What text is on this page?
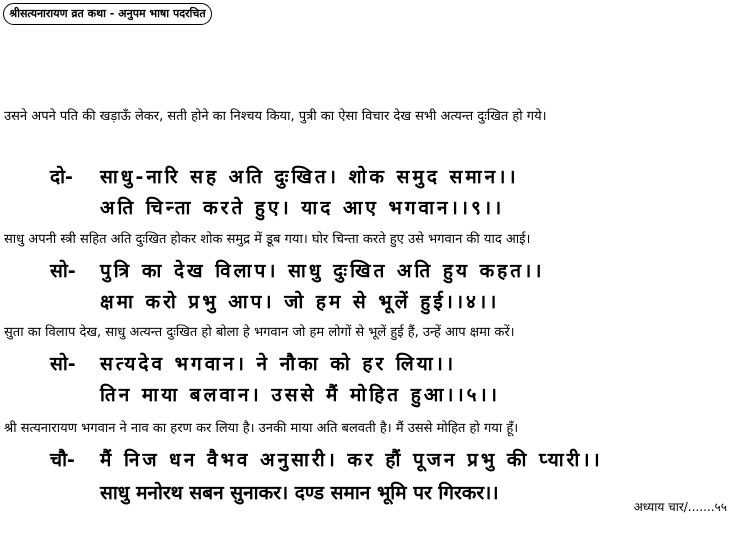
श्रीसत्यनारायण व्रत कथा - अनुपम भाषा पदरचित
उसने अपने पति की खड़ाऊँ लेकर, सती होने का निश्चय किया, पुत्री का ऐसा विचार देख सभी अत्यन्त दुःखित हो गये।
दो-	साधु-नारि सह अति दुःखित। शोक समुद समान।।
अति चिन्ता करते हुए। याद आए भगवान।।९।।
साधु अपनी स्त्री सहित अति दुःखित होकर शोक समुद्र में डूब गया। घोर चिन्ता करते हुए उसे भगवान की याद आई।
सो-	पुत्रि का देख विलाप। साधु दुःखित अति हुय कहत।।
क्षमा करो प्रभु आप। जो हम से भूलें हुई।।४।।
सुता का विलाप देख, साधु अत्यन्त दुःखित हो बोला हे भगवान जो हम लोगों से भूलें हुई हैं, उन्हें आप क्षमा करें।
सो-	सत्यदेव भगवान। ने नौका को हर लिया।।
तिन माया बलवान। उससे मैं मोहित हुआ।।५।।
श्री सत्यनारायण भगवान ने नाव का हरण कर लिया है। उनकी माया अति बलवती है। मैं उससे मोहित हो गया हूँ।
चौ-	मैं निज धन वैभव अनुसारी। कर हौं पूजन प्रभु की प्यारी।।
साधु मनोरथ सबन सुनाकर। दण्ड समान भूमि पर गिरकर।।
अध्याय चार/.......५५
